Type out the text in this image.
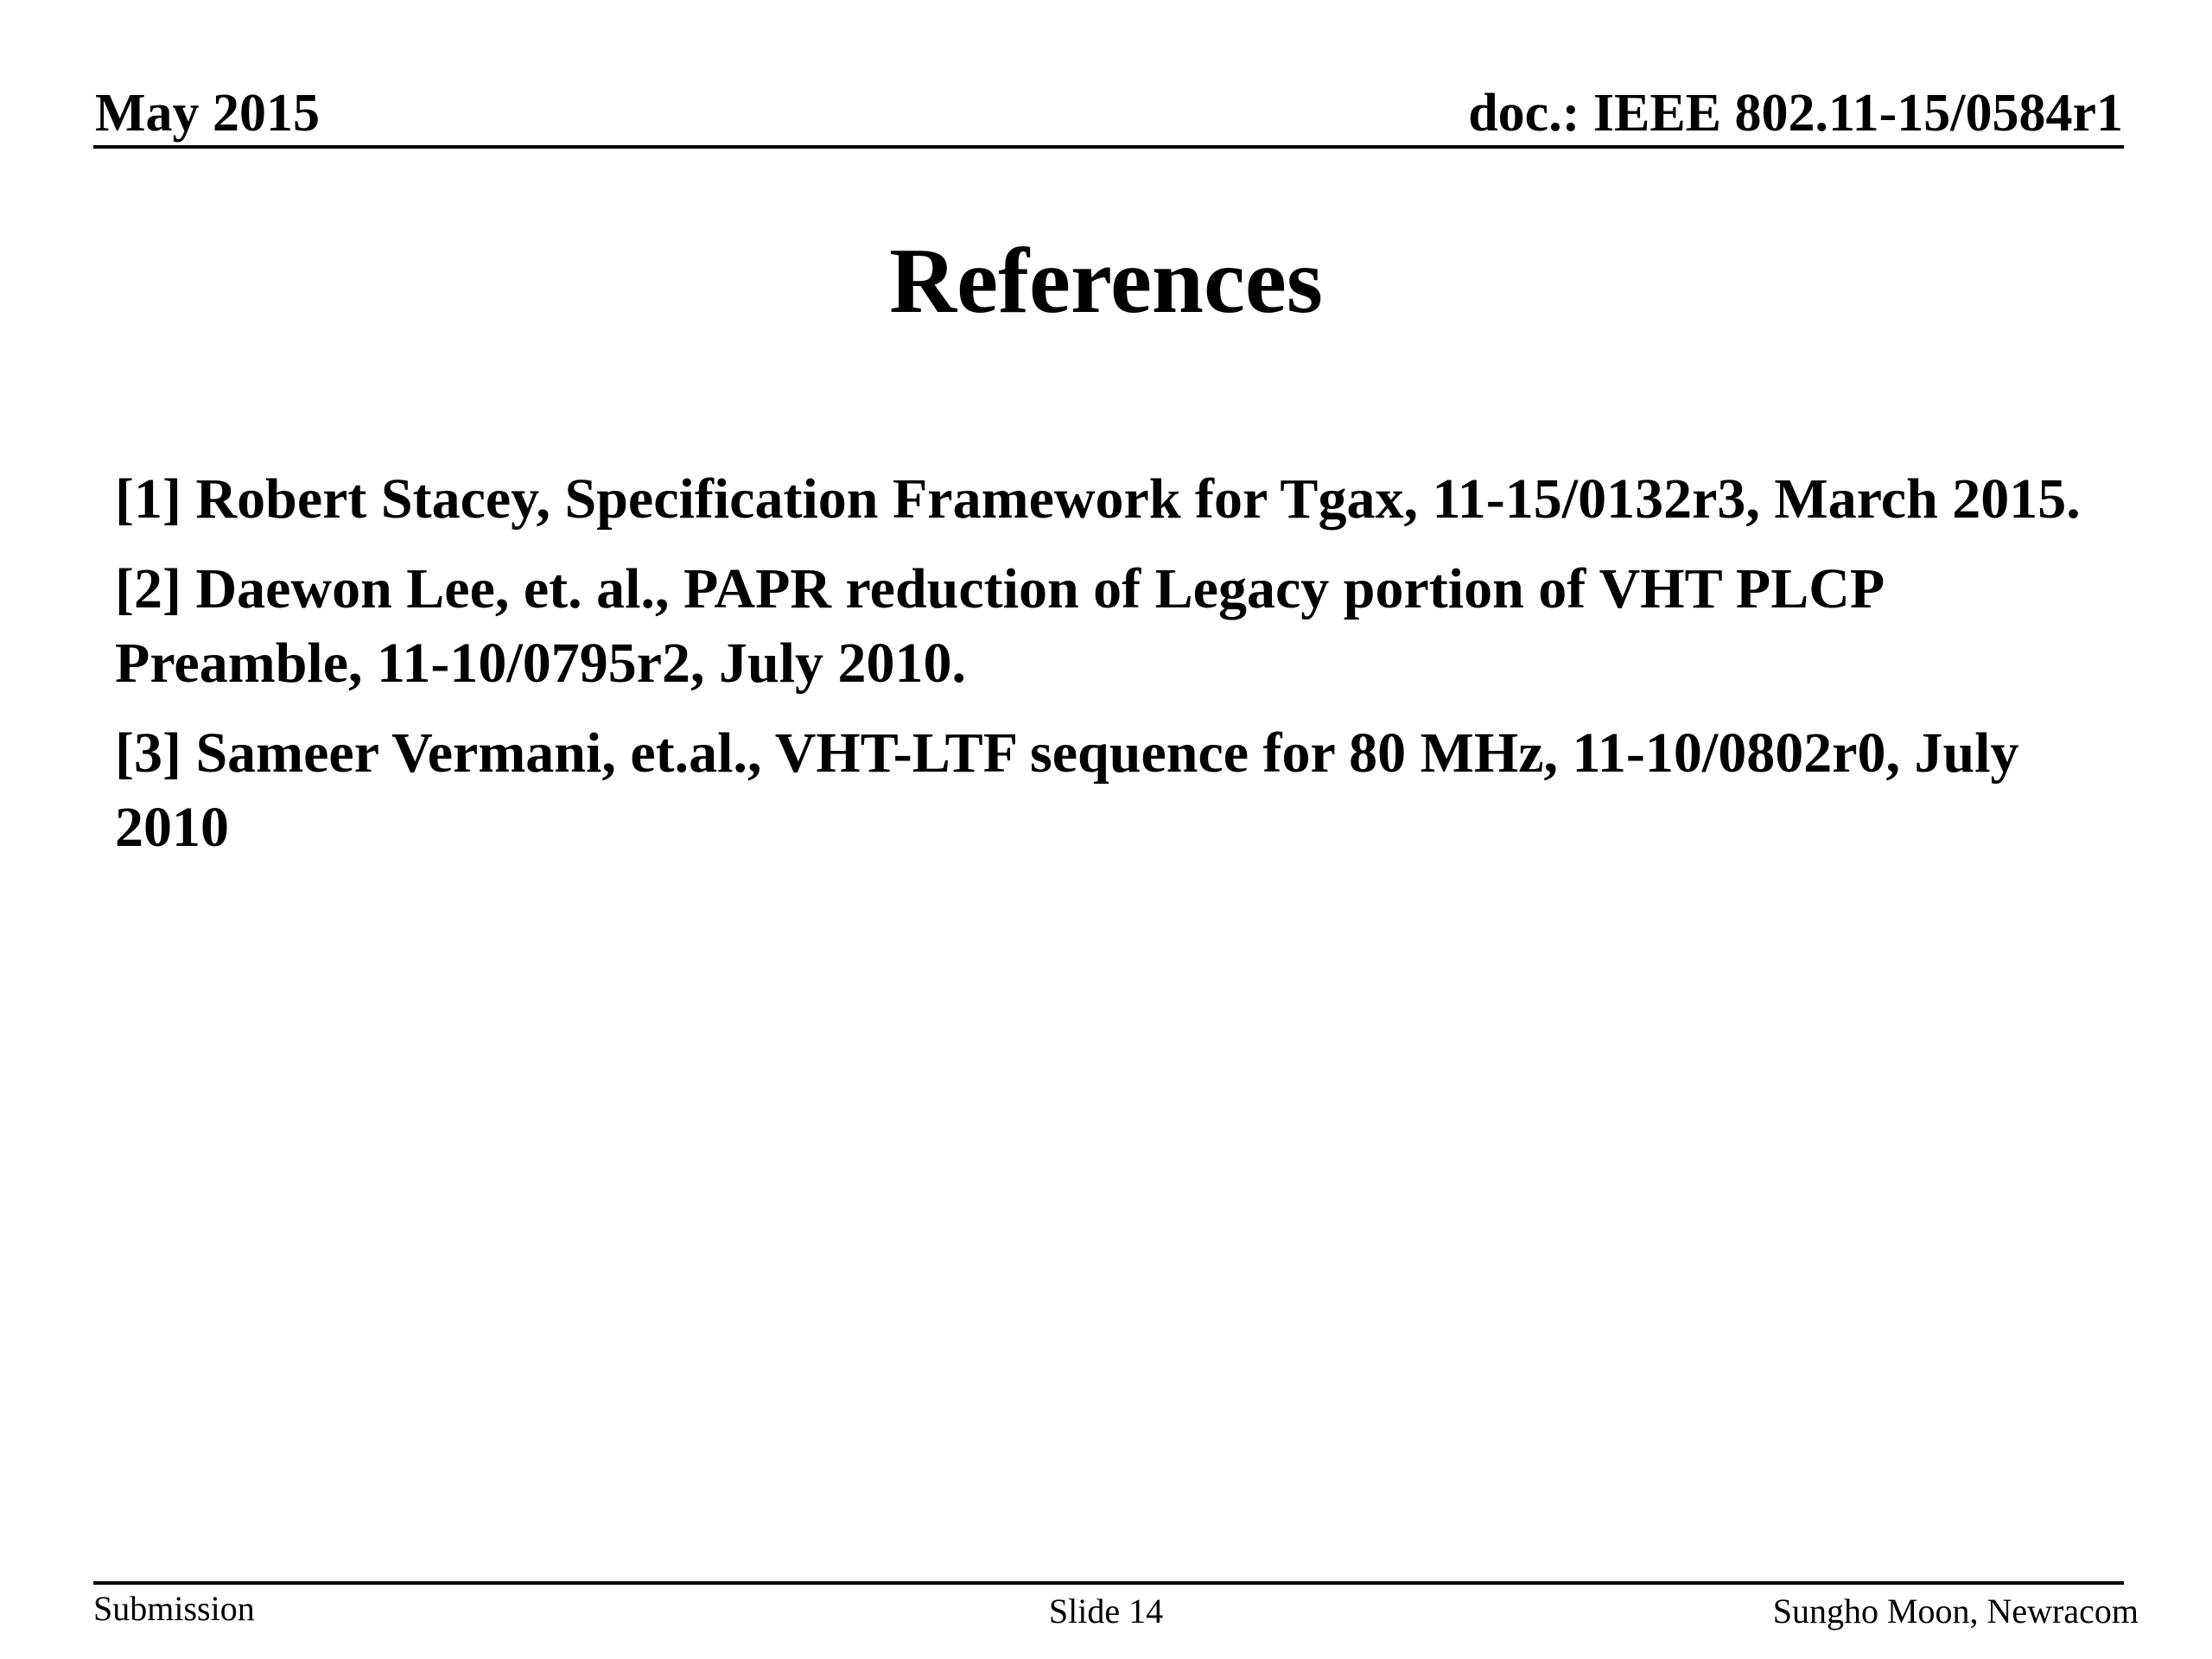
May 2015	doc.: IEEE 802.11-15/0584r1
References
[1] Robert Stacey, Specification Framework for Tgax, 11-15/0132r3, March 2015.
[2] Daewon Lee, et. al., PAPR reduction of Legacy portion of VHT PLCP Preamble, 11-10/0795r2, July 2010.
[3] Sameer Vermani, et.al., VHT-LTF sequence for 80 MHz, 11-10/0802r0, July 2010
Submission	Slide 14	Sungho Moon, Newracom
